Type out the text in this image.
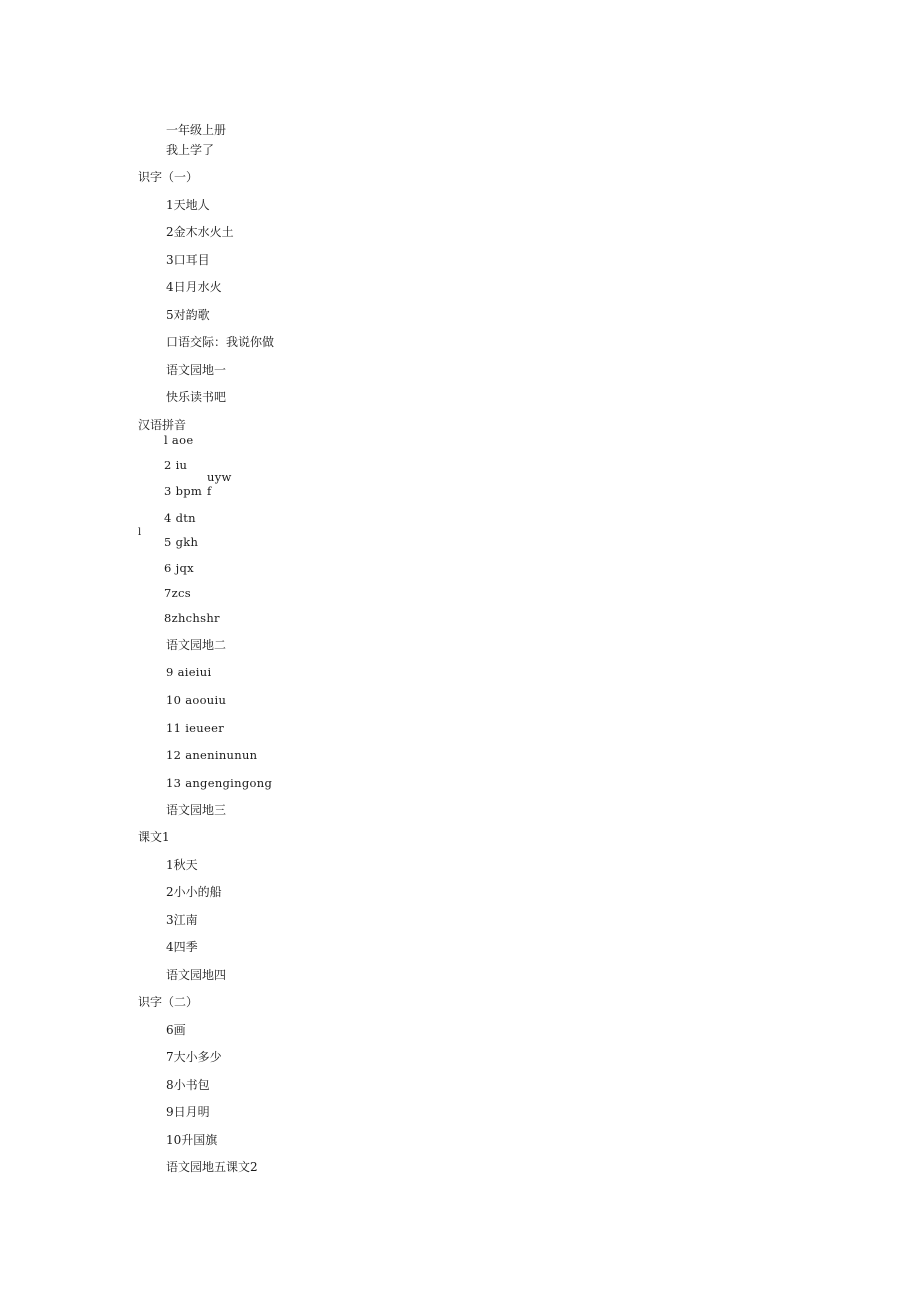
一年级上册
我上学了
识字（一）
1天地人
2金木水火土
3口耳目
4日月水火
5对韵歌
口语交际：我说你做
语文园地一
快乐读书吧
汉语拼音
l aoe
2 iu
uyw
3 bpm f
4 dtn
l
5 gkh
6 jqx
7zcs
8zhchshr
语文园地二
9 aieiui
10 aoouiu
11 ieueer
12 aneninunun
13 angengingong
语文园地三
课文1
1秋天
2小小的船
3江南
4四季
语文园地四
识字（二）
6画
7大小多少
8小书包
9日月明
10升国旗
语文园地五课文2
